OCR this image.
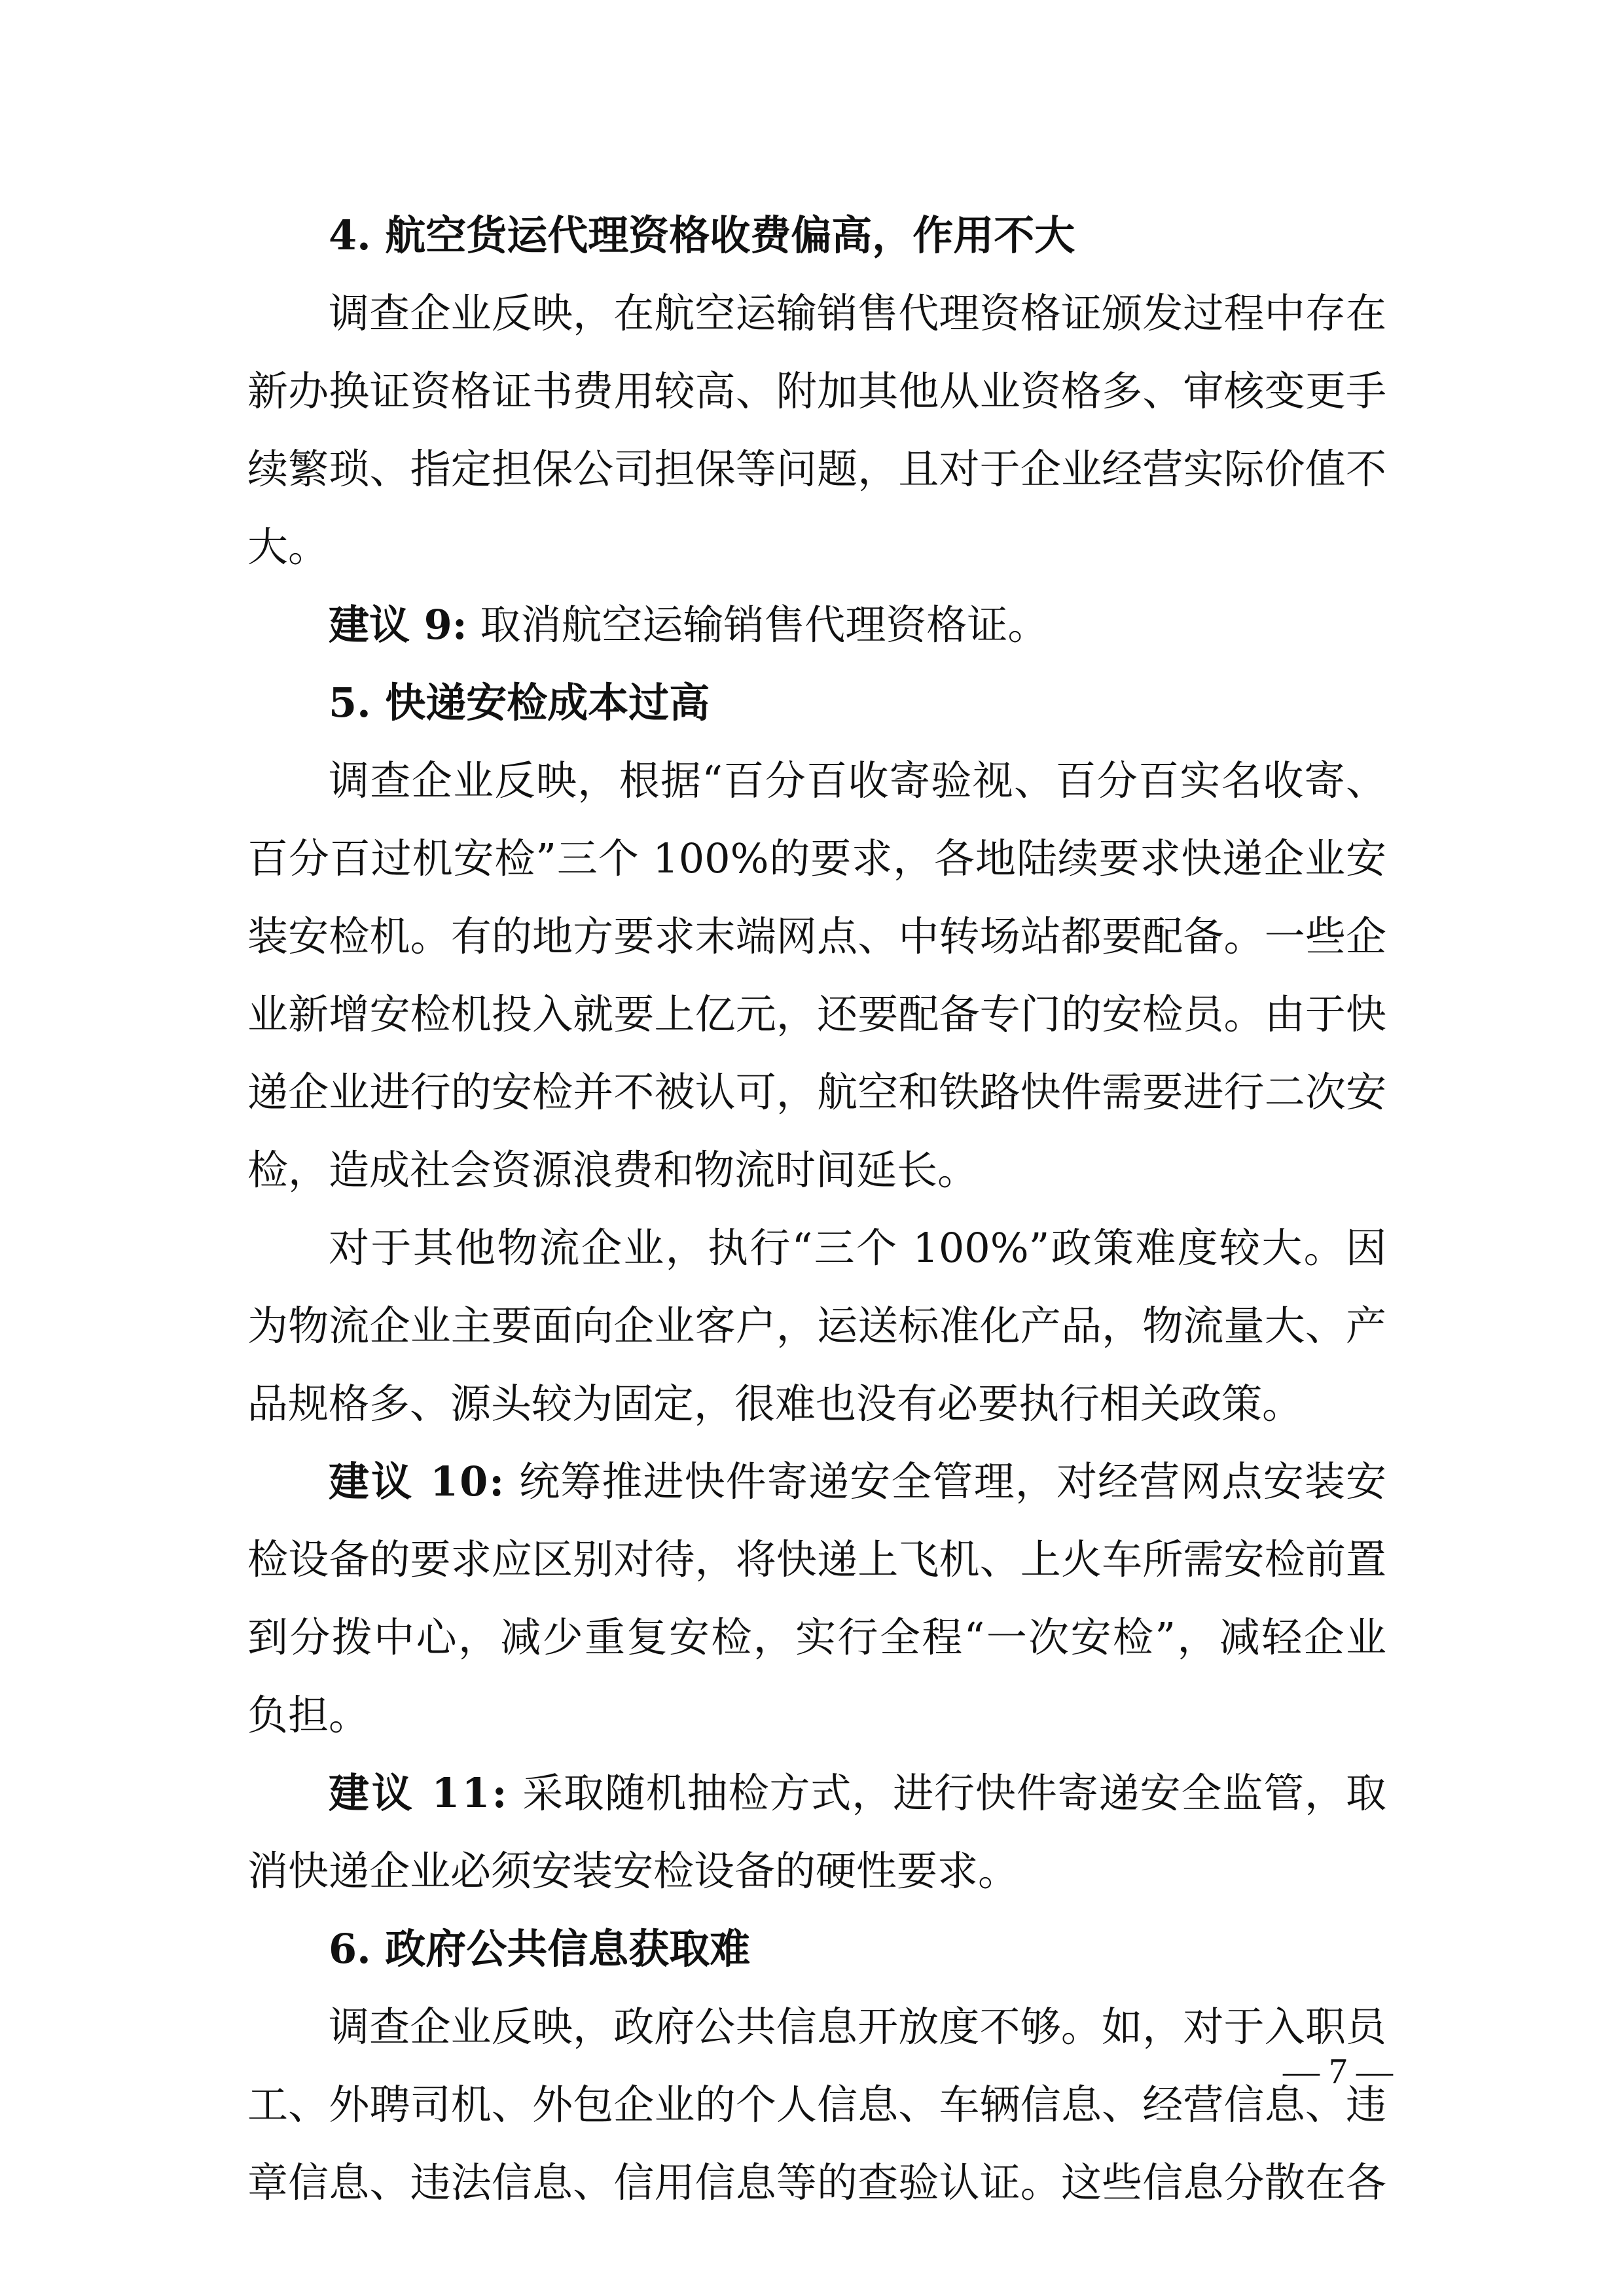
4. 航空货运代理资格收费偏高，作用不大

调查企业反映，在航空运输销售代理资格证颁发过程中存在

新办换证资格证书费用较高、附加其他从业资格多、审核变更手

续繁琐、指定担保公司担保等问题，且对于企业经营实际价值不

大。

建议 9: 取消航空运输销售代理资格证。

5. 快递安检成本过高

调查企业反映，根据“百分百收寄验视、百分百实名收寄、

百分百过机安检”三个 100%的要求，各地陆续要求快递企业安

装安检机。有的地方要求末端网点、中转场站都要配备。一些企

业新增安检机投入就要上亿元，还要配备专门的安检员。由于快

递企业进行的安检并不被认可，航空和铁路快件需要进行二次安

检，造成社会资源浪费和物流时间延长。

对于其他物流企业，执行“三个 100%”政策难度较大。因

为物流企业主要面向企业客户，运送标准化产品，物流量大、产

品规格多、源头较为固定，很难也没有必要执行相关政策。

建议 10: 统筹推进快件寄递安全管理，对经营网点安装安

检设备的要求应区别对待，将快递上飞机、上火车所需安检前置

到分拨中心，减少重复安检，实行全程“一次安检”，减轻企业

负担。

建议 11: 采取随机抽检方式，进行快件寄递安全监管，取

消快递企业必须安装安检设备的硬性要求。

6. 政府公共信息获取难

调查企业反映，政府公共信息开放度不够。如，对于入职员

工、外聘司机、外包企业的个人信息、车辆信息、经营信息、违

章信息、违法信息、信用信息等的查验认证。这些信息分散在各

— 7 —
